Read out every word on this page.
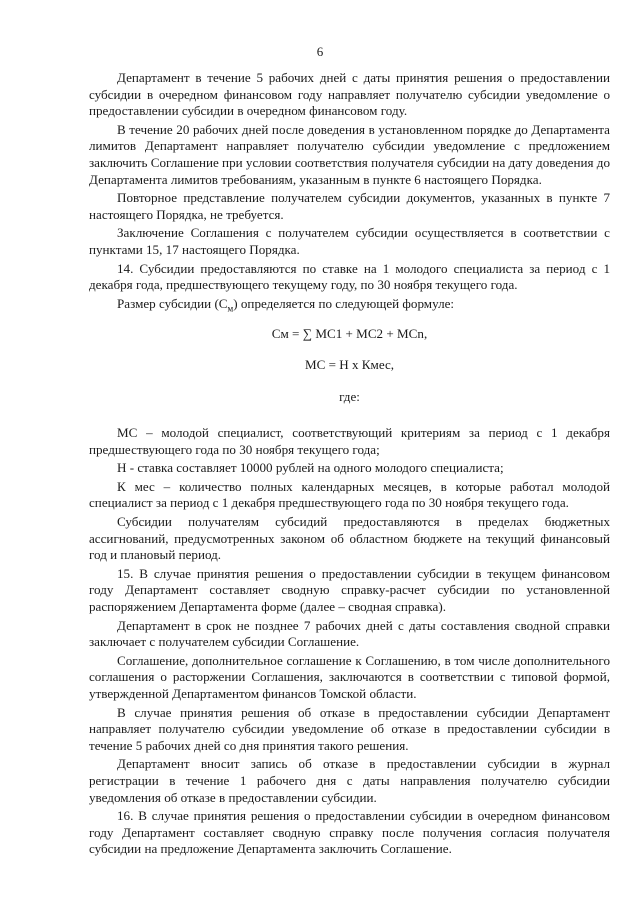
6

Департамент в течение 5 рабочих дней с даты принятия решения о предоставлении субсидии в очередном финансовом году направляет получателю субсидии уведомление о предоставлении субсидии в очередном финансовом году.

В течение 20 рабочих дней после доведения в установленном порядке до Департамента лимитов Департамент направляет получателю субсидии уведомление с предложением заключить Соглашение при условии соответствия получателя субсидии на дату доведения до Департамента лимитов требованиям, указанным в пункте 6 настоящего Порядка.

Повторное представление получателем субсидии документов, указанных в пункте 7 настоящего Порядка, не требуется.

Заключение Соглашения с получателем субсидии осуществляется в соответствии с пунктами 15, 17 настоящего Порядка.

14. Субсидии предоставляются по ставке на 1 молодого специалиста за период с 1 декабря года, предшествующего текущему году, по 30 ноября текущего года.

Размер субсидии $(С_м)$ определяется по следующей формуле:

См = ∑ МС1 + МС2 + МСn,

МС = Н х Кмес,

где:

МС – молодой специалист, соответствующий критериям за период с 1 декабря предшествующего года по 30 ноября текущего года;

Н - ставка составляет 10000 рублей на одного молодого специалиста;

К мес – количество полных календарных месяцев, в которые работал молодой специалист за период с 1 декабря предшествующего года по 30 ноября текущего года.

Субсидии получателям субсидий предоставляются в пределах бюджетных ассигнований, предусмотренных законом об областном бюджете на текущий финансовый год и плановый период.

15. В случае принятия решения о предоставлении субсидии в текущем финансовом году Департамент составляет сводную справку-расчет субсидии по установленной распоряжением Департамента форме (далее – сводная справка).

Департамент в срок не позднее 7 рабочих дней с даты составления сводной справки заключает с получателем субсидии Соглашение.

Соглашение, дополнительное соглашение к Соглашению, в том числе дополнительного соглашения о расторжении Соглашения, заключаются в соответствии с типовой формой, утвержденной Департаментом финансов Томской области.

В случае принятия решения об отказе в предоставлении субсидии Департамент направляет получателю субсидии уведомление об отказе в предоставлении субсидии в течение 5 рабочих дней со дня принятия такого решения.

Департамент вносит запись об отказе в предоставлении субсидии в журнал регистрации в течение 1 рабочего дня с даты направления получателю субсидии уведомления об отказе в предоставлении субсидии.

16. В случае принятия решения о предоставлении субсидии в очередном финансовом году Департамент составляет сводную справку после получения согласия получателя субсидии на предложение Департамента заключить Соглашение.
